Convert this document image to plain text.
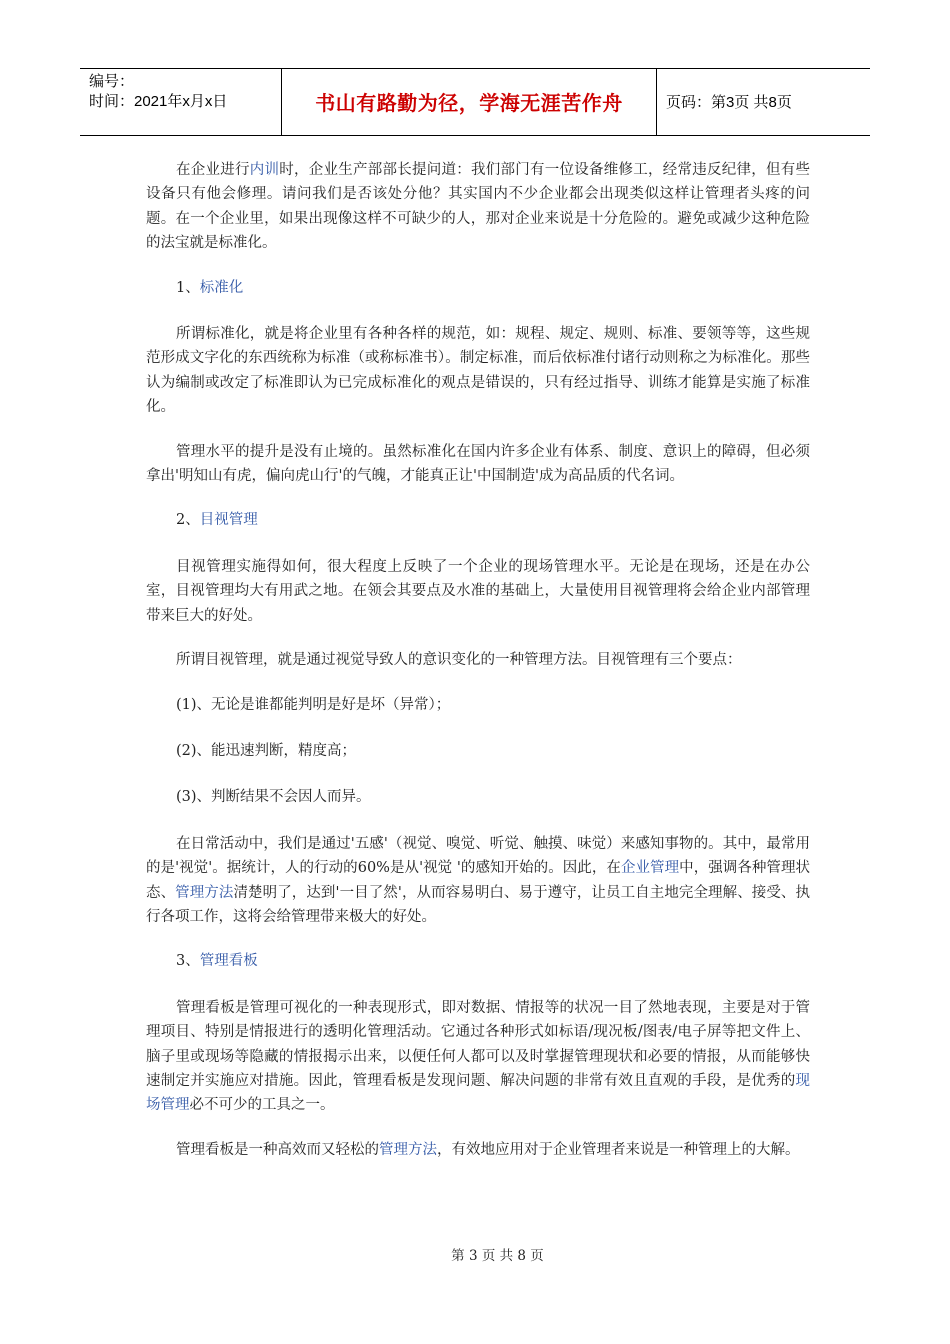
编号：
时间：2021年x月x日	书山有路勤为径，学海无涯苦作舟	页码：第3页 共8页

在企业进行内训时，企业生产部部长提问道：我们部门有一位设备维修工，经常违反纪律，但有些设备只有他会修理。请问我们是否该处分他？其实国内不少企业都会出现类似这样让管理者头疼的问题。在一个企业里，如果出现像这样不可缺少的人，那对企业来说是十分危险的。避免或减少这种危险的法宝就是标准化。

1、标准化

所谓标准化，就是将企业里有各种各样的规范，如：规程、规定、规则、标准、要领等等，这些规范形成文字化的东西统称为标准（或称标准书）。制定标准，而后依标准付诸行动则称之为标准化。那些认为编制或改定了标准即认为已完成标准化的观点是错误的，只有经过指导、训练才能算是实施了标准化。

管理水平的提升是没有止境的。虽然标准化在国内许多企业有体系、制度、意识上的障碍，但必须拿出'明知山有虎，偏向虎山行'的气魄，才能真正让'中国制造'成为高品质的代名词。

2、目视管理

目视管理实施得如何，很大程度上反映了一个企业的现场管理水平。无论是在现场，还是在办公室，目视管理均大有用武之地。在领会其要点及水准的基础上，大量使用目视管理将会给企业内部管理带来巨大的好处。

所谓目视管理，就是通过视觉导致人的意识变化的一种管理方法。目视管理有三个要点：

(1)、无论是谁都能判明是好是坏（异常）；

(2)、能迅速判断，精度高；

(3)、判断结果不会因人而异。

在日常活动中，我们是通过'五感'（视觉、嗅觉、听觉、触摸、味觉）来感知事物的。其中，最常用的是'视觉'。据统计，人的行动的60%是从'视觉 '的感知开始的。因此，在企业管理中，强调各种管理状态、管理方法清楚明了，达到'一目了然'，从而容易明白、易于遵守，让员工自主地完全理解、接受、执行各项工作，这将会给管理带来极大的好处。

3、管理看板

管理看板是管理可视化的一种表现形式，即对数据、情报等的状况一目了然地表现，主要是对于管理项目、特别是情报进行的透明化管理活动。它通过各种形式如标语/现况板/图表/电子屏等把文件上、脑子里或现场等隐藏的情报揭示出来，以便任何人都可以及时掌握管理现状和必要的情报，从而能够快速制定并实施应对措施。因此，管理看板是发现问题、解决问题的非常有效且直观的手段，是优秀的现场管理必不可少的工具之一。

管理看板是一种高效而又轻松的管理方法，有效地应用对于企业管理者来说是一种管理上的大解。

第 3 页 共 8 页
